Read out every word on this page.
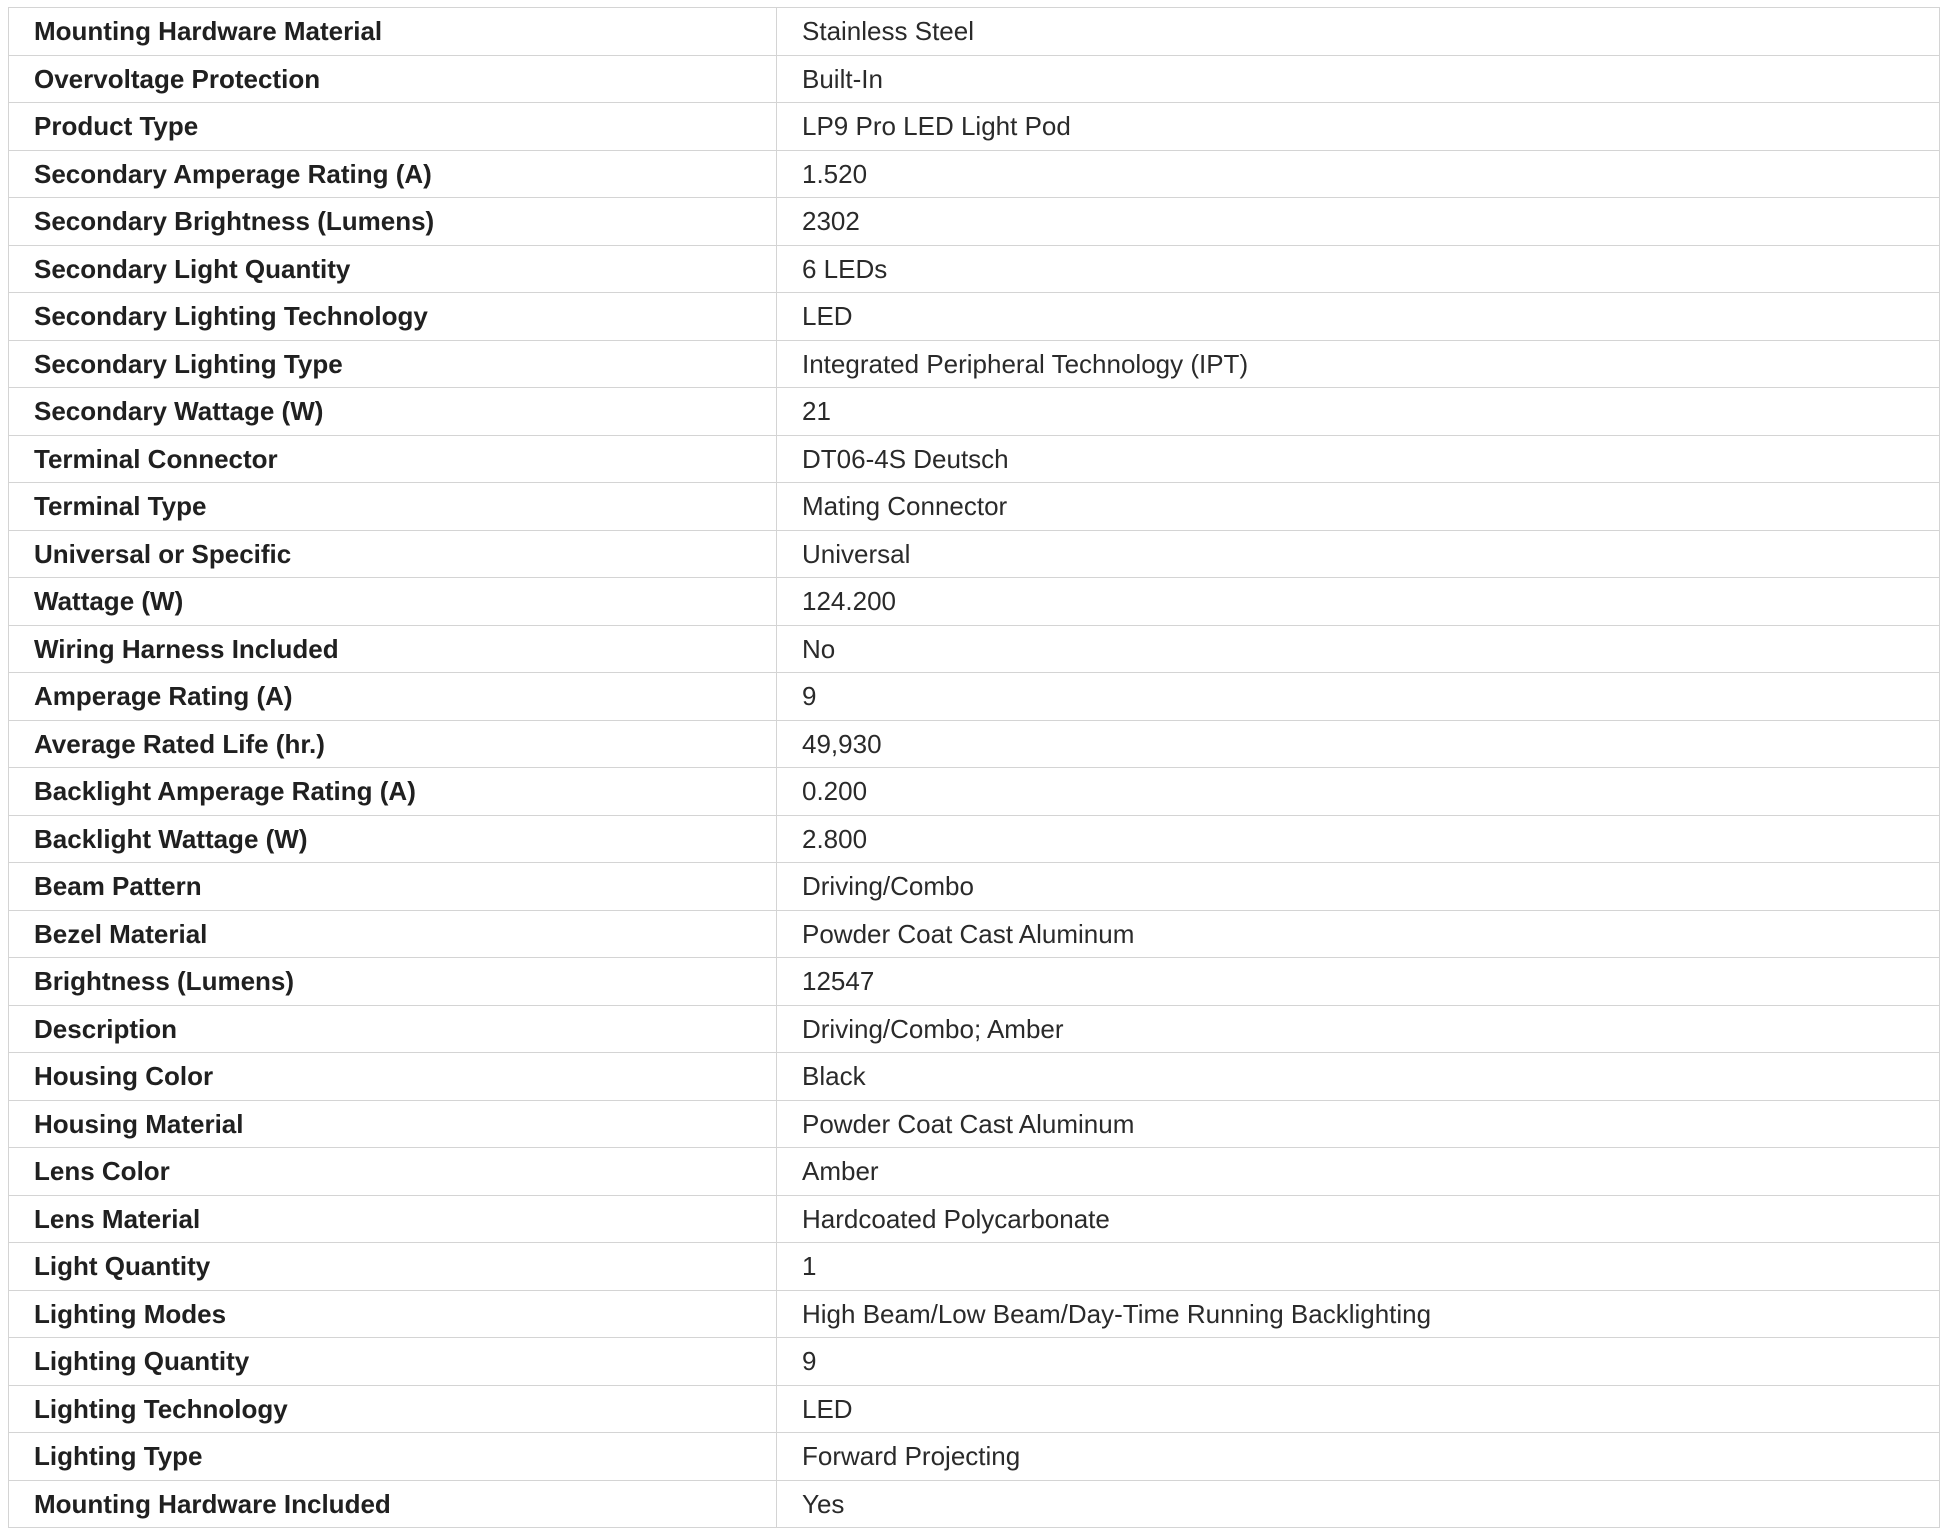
Mounting Hardware Material	Stainless Steel
Overvoltage Protection	Built-In
Product Type	LP9 Pro LED Light Pod
Secondary Amperage Rating (A)	1.520
Secondary Brightness (Lumens)	2302
Secondary Light Quantity	6 LEDs
Secondary Lighting Technology	LED
Secondary Lighting Type	Integrated Peripheral Technology (IPT)
Secondary Wattage (W)	21
Terminal Connector	DT06-4S Deutsch
Terminal Type	Mating Connector
Universal or Specific	Universal
Wattage (W)	124.200
Wiring Harness Included	No
Amperage Rating (A)	9
Average Rated Life (hr.)	49,930
Backlight Amperage Rating (A)	0.200
Backlight Wattage (W)	2.800
Beam Pattern	Driving/Combo
Bezel Material	Powder Coat Cast Aluminum
Brightness (Lumens)	12547
Description	Driving/Combo; Amber
Housing Color	Black
Housing Material	Powder Coat Cast Aluminum
Lens Color	Amber
Lens Material	Hardcoated Polycarbonate
Light Quantity	1
Lighting Modes	High Beam/Low Beam/Day-Time Running Backlighting
Lighting Quantity	9
Lighting Technology	LED
Lighting Type	Forward Projecting
Mounting Hardware Included	Yes
